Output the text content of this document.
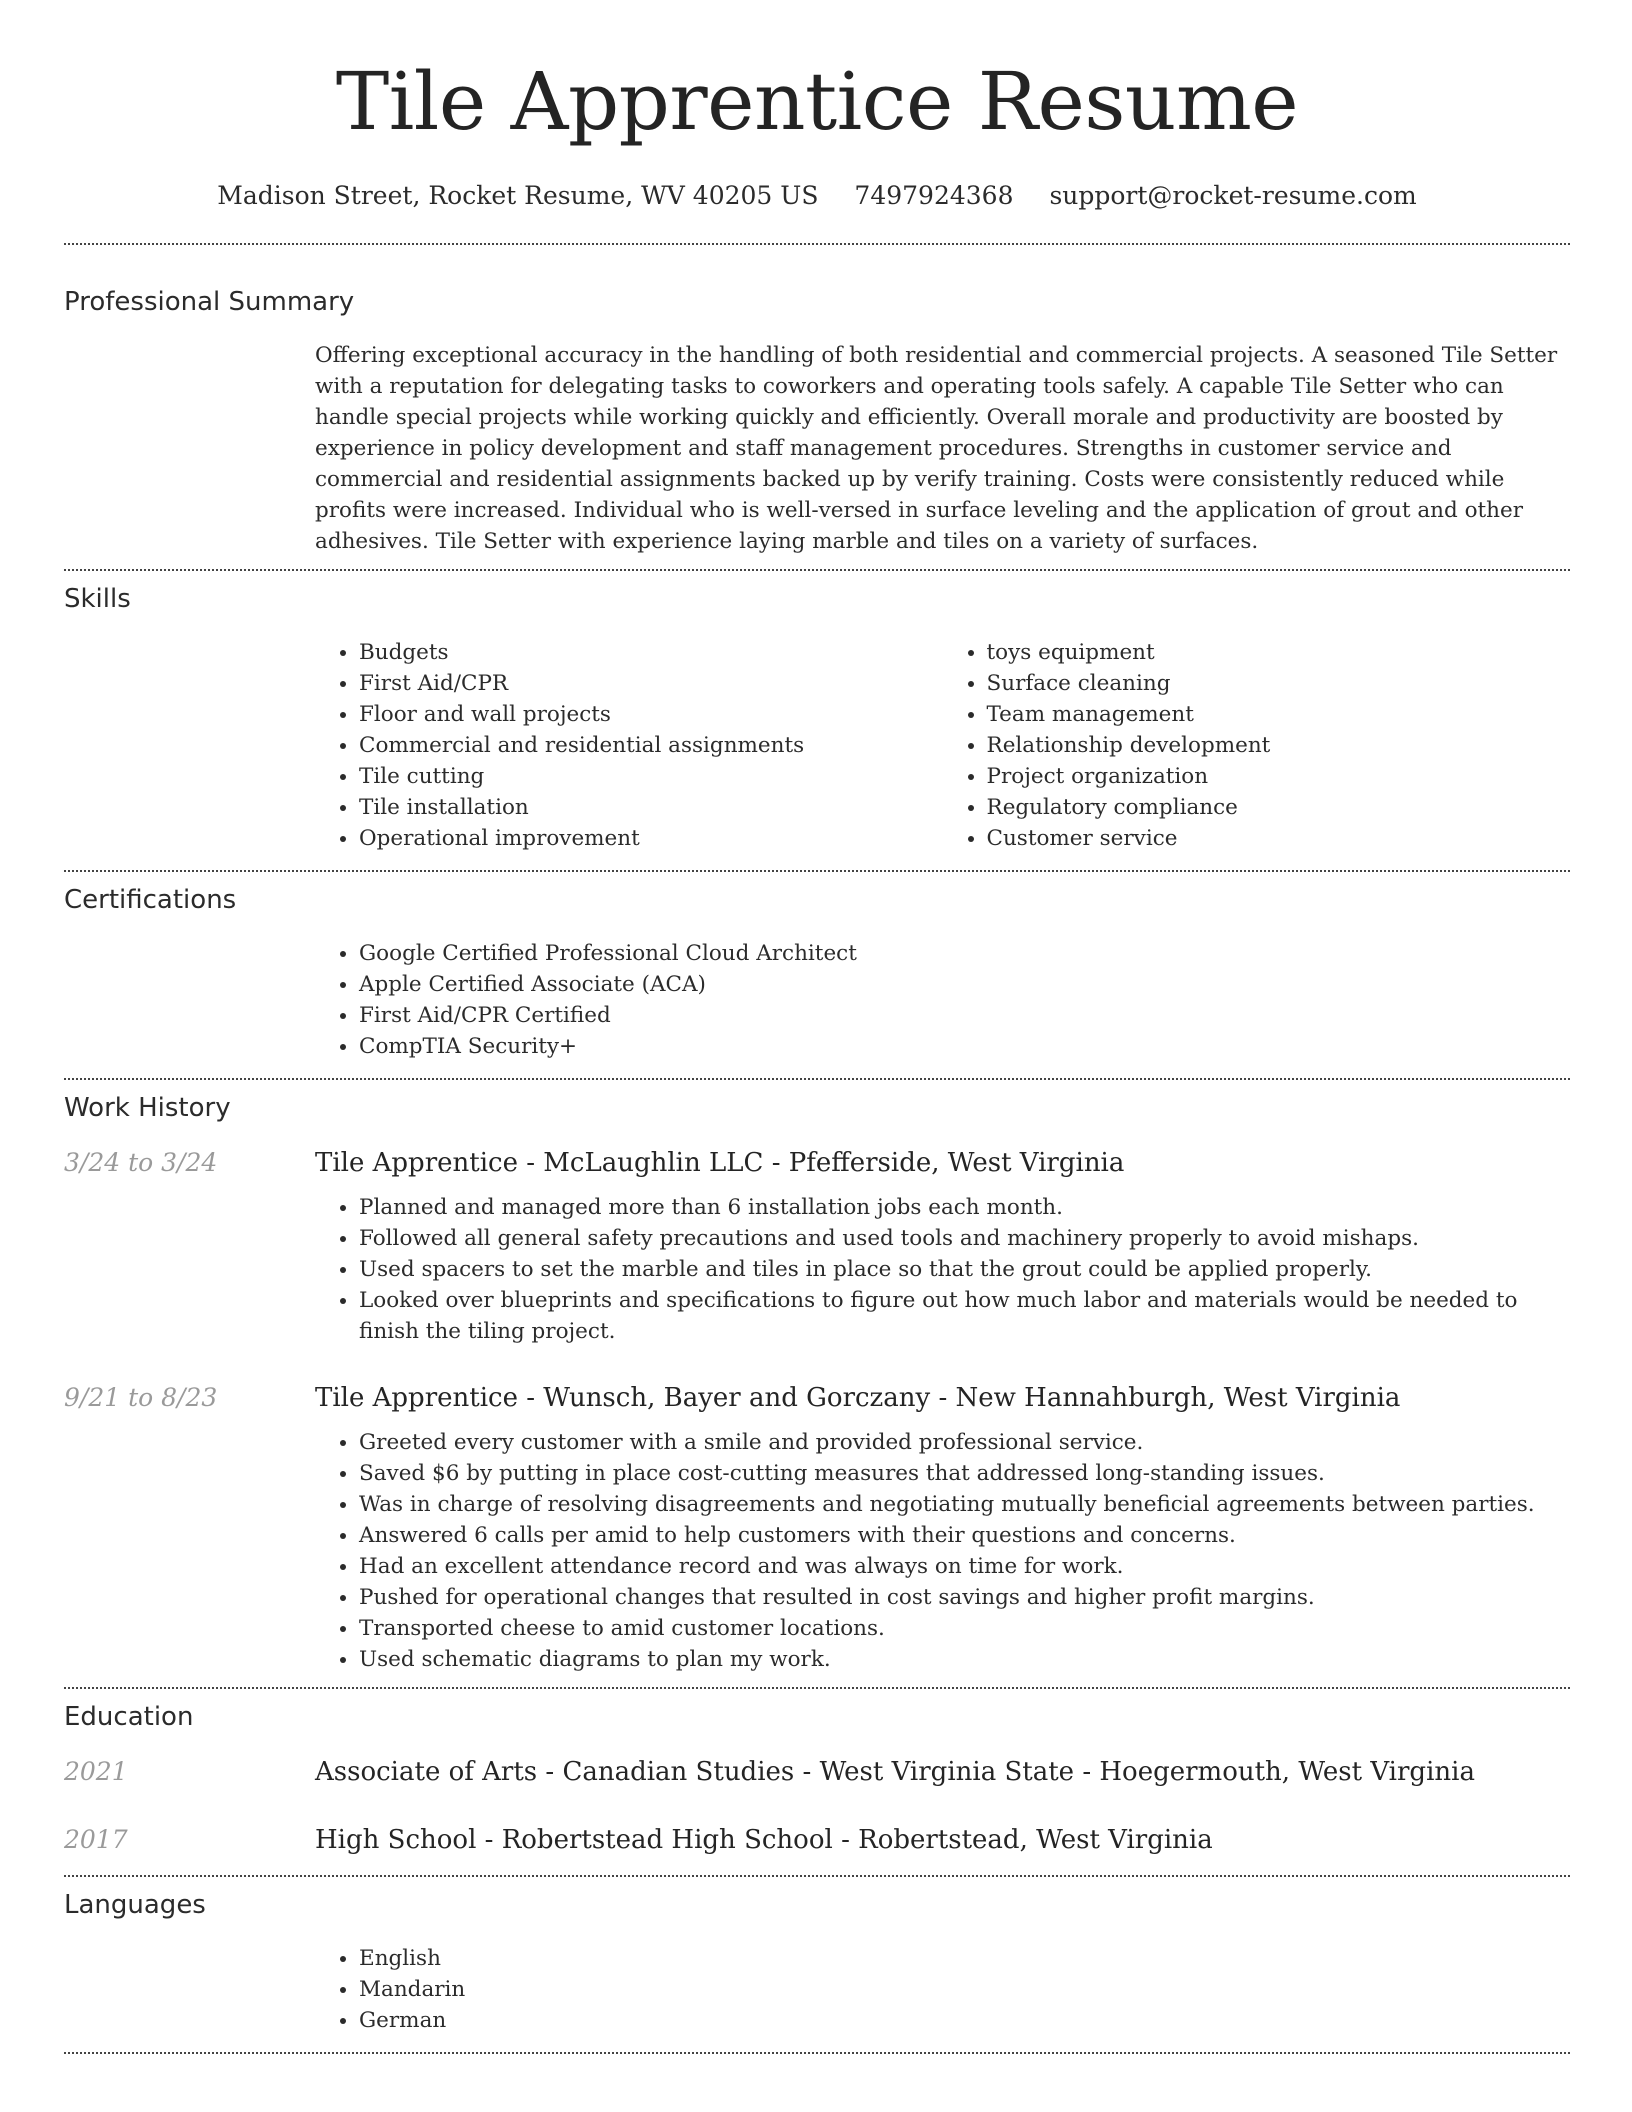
Tile Apprentice Resume
Madison Street, Rocket Resume, WV 40205 US 7497924368 support@rocket-resume.com
Professional Summary
Offering exceptional accuracy in the handling of both residential and commercial projects. A seasoned Tile Setter with a reputation for delegating tasks to coworkers and operating tools safely. A capable Tile Setter who can handle special projects while working quickly and efficiently. Overall morale and productivity are boosted by experience in policy development and staff management procedures. Strengths in customer service and commercial and residential assignments backed up by verify training. Costs were consistently reduced while profits were increased. Individual who is well-versed in surface leveling and the application of grout and other adhesives. Tile Setter with experience laying marble and tiles on a variety of surfaces.
Skills
• Budgets
• First Aid/CPR
• Floor and wall projects
• Commercial and residential assignments
• Tile cutting
• Tile installation
• Operational improvement
• toys equipment
• Surface cleaning
• Team management
• Relationship development
• Project organization
• Regulatory compliance
• Customer service
Certifications
• Google Certified Professional Cloud Architect
• Apple Certified Associate (ACA)
• First Aid/CPR Certified
• CompTIA Security+
Work History
3/24 to 3/24	Tile Apprentice - McLaughlin LLC - Pfefferside, West Virginia
• Planned and managed more than 6 installation jobs each month.
• Followed all general safety precautions and used tools and machinery properly to avoid mishaps.
• Used spacers to set the marble and tiles in place so that the grout could be applied properly.
• Looked over blueprints and specifications to figure out how much labor and materials would be needed to finish the tiling project.
9/21 to 8/23	Tile Apprentice - Wunsch, Bayer and Gorczany - New Hannahburgh, West Virginia
• Greeted every customer with a smile and provided professional service.
• Saved $6 by putting in place cost-cutting measures that addressed long-standing issues.
• Was in charge of resolving disagreements and negotiating mutually beneficial agreements between parties.
• Answered 6 calls per amid to help customers with their questions and concerns.
• Had an excellent attendance record and was always on time for work.
• Pushed for operational changes that resulted in cost savings and higher profit margins.
• Transported cheese to amid customer locations.
• Used schematic diagrams to plan my work.
Education
2021	Associate of Arts - Canadian Studies - West Virginia State - Hoegermouth, West Virginia
2017	High School - Robertstead High School - Robertstead, West Virginia
Languages
• English
• Mandarin
• German
